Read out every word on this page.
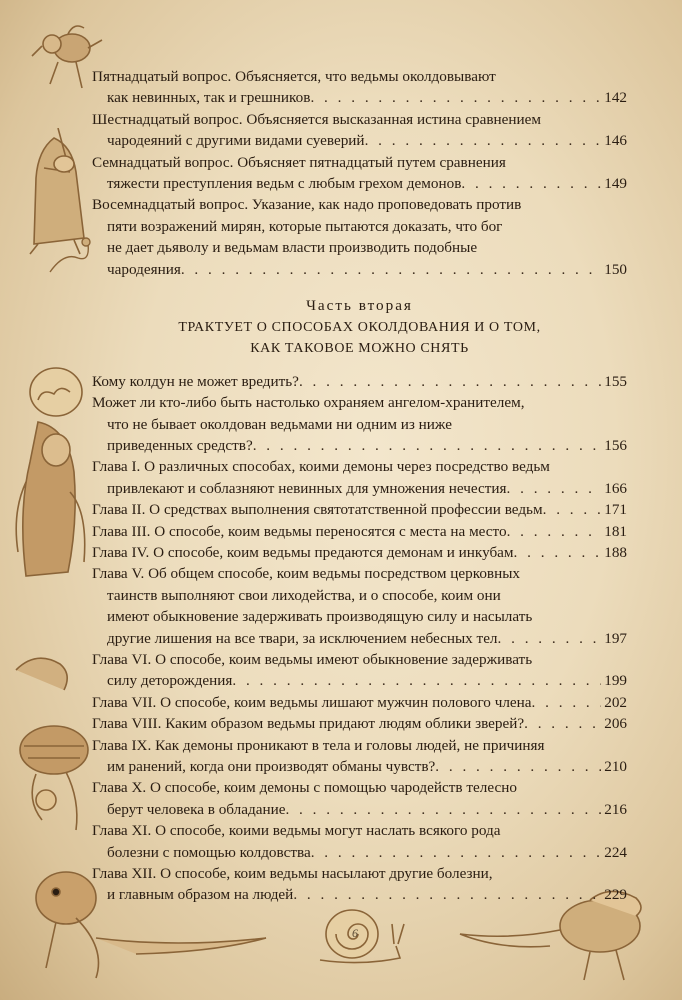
Пятнадцатый вопрос. Объясняется, что ведьмы околдовывают
как невинных, так и грешников . . .	142
Шестнадцатый вопрос. Объясняется высказанная истина сравнением
чародеяний с другими видами суеверий . . .	146
Семнадцатый вопрос. Объясняет пятнадцатый путем сравнения
тяжести преступления ведьм с любым грехом демонов . . .	149
Восемнадцатый вопрос. Указание, как надо проповедовать против
пяти возражений мирян, которые пытаются доказать, что бог
не дает дьяволу и ведьмам власти производить подобные
чародеяния . . .	150
Часть вторая
ТРАКТУЕТ О СПОСОБАХ ОКОЛДОВАНИЯ И О ТОМ,
КАК ТАКОВОЕ МОЖНО СНЯТЬ
Кому колдун не может вредить? . . .	155
Может ли кто-либо быть настолько охраняем ангелом-хранителем,
что не бывает околдован ведьмами ни одним из ниже
приведенных средств? . . .	156
Глава I. О различных способах, коими демоны через посредство ведьм
привлекают и соблазняют невинных для умножения нечестия . . .	166
Глава II. О средствах выполнения святотатственной профессии ведьм . . .	171
Глава III. О способе, коим ведьмы переносятся с места на место . . .	181
Глава IV. О способе, коим ведьмы предаются демонам и инкубам . . .	188
Глава V. Об общем способе, коим ведьмы посредством церковных
таинств выполняют свои лиходейства, и о способе, коим они
имеют обыкновение задерживать производящую силу и насылать
другие лишения на все твари, за исключением небесных тел . . .	197
Глава VI. О способе, коим ведьмы имеют обыкновение задерживать
силу деторождения . . .	199
Глава VII. О способе, коим ведьмы лишают мужчин полового члена . . .	202
Глава VIII. Каким образом ведьмы придают людям облики зверей? . . .	206
Глава IX. Как демоны проникают в тела и головы людей, не причиняя
им ранений, когда они производят обманы чувств? . . .	210
Глава X. О способе, коим демоны с помощью чародейств телесно
берут человека в обладание . . .	216
Глава XI. О способе, коими ведьмы могут наслать всякого рода
болезни с помощью колдовства . . .	224
Глава XII. О способе, коим ведьмы насылают другие болезни,
и главным образом на людей . . .	229
6
